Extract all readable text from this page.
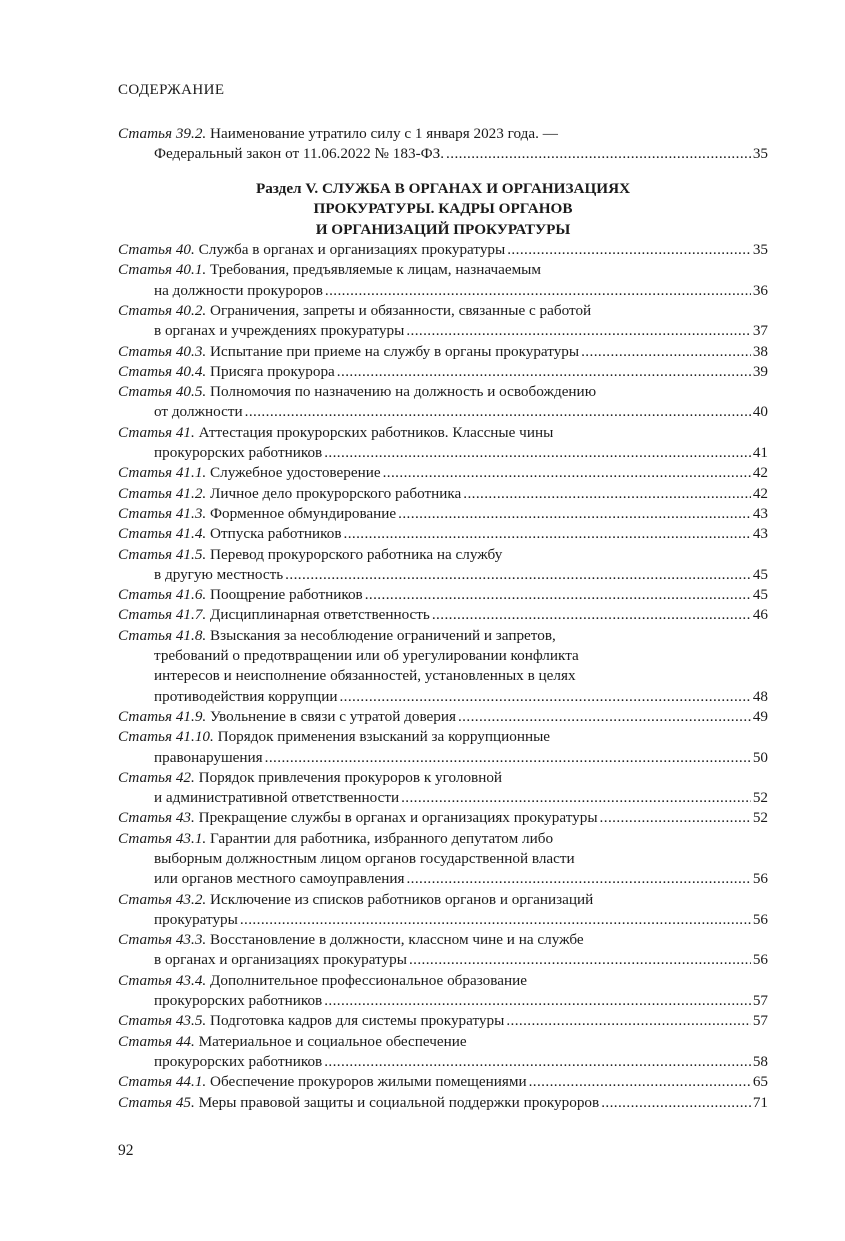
СОДЕРЖАНИЕ
Статья 39.2. Наименование утратило силу с 1 января 2023 года. —
Федеральный закон от 11.06.2022 № 183-ФЗ. .....	35
Раздел V. СЛУЖБА В ОРГАНАХ И ОРГАНИЗАЦИЯХ
ПРОКУРАТУРЫ. КАДРЫ ОРГАНОВ
И ОРГАНИЗАЦИЙ ПРОКУРАТУРЫ
Статья 40. Служба в органах и организациях прокуратуры .....	35
Статья 40.1. Требования, предъявляемые к лицам, назначаемым
на должности прокуроров .....	36
Статья 40.2. Ограничения, запреты и обязанности, связанные с работой
в органах и учреждениях прокуратуры .....	37
Статья 40.3. Испытание при приеме на службу в органы прокуратуры .....	38
Статья 40.4. Присяга прокурора .....	39
Статья 40.5. Полномочия по назначению на должность и освобождению
от должности .....	40
Статья 41. Аттестация прокурорских работников. Классные чины
прокурорских работников .....	41
Статья 41.1. Служебное удостоверение .....	42
Статья 41.2. Личное дело прокурорского работника .....	42
Статья 41.3. Форменное обмундирование .....	43
Статья 41.4. Отпуска работников .....	43
Статья 41.5. Перевод прокурорского работника на службу
в другую местность .....	45
Статья 41.6. Поощрение работников .....	45
Статья 41.7. Дисциплинарная ответственность .....	46
Статья 41.8. Взыскания за несоблюдение ограничений и запретов,
требований о предотвращении или об урегулировании конфликта
интересов и неисполнение обязанностей, установленных в целях
противодействия коррупции .....	48
Статья 41.9. Увольнение в связи с утратой доверия .....	49
Статья 41.10. Порядок применения взысканий за коррупционные
правонарушения .....	50
Статья 42. Порядок привлечения прокуроров к уголовной
и административной ответственности .....	52
Статья 43. Прекращение службы в органах и организациях прокуратуры .....	52
Статья 43.1. Гарантии для работника, избранного депутатом либо
выборным должностным лицом органов государственной власти
или органов местного самоуправления .....	56
Статья 43.2. Исключение из списков работников органов и организаций
прокуратуры .....	56
Статья 43.3. Восстановление в должности, классном чине и на службе
в органах и организациях прокуратуры .....	56
Статья 43.4. Дополнительное профессиональное образование
прокурорских работников .....	57
Статья 43.5. Подготовка кадров для системы прокуратуры .....	57
Статья 44. Материальное и социальное обеспечение
прокурорских работников .....	58
Статья 44.1. Обеспечение прокуроров жилыми помещениями .....	65
Статья 45. Меры правовой защиты и социальной поддержки прокуроров .....	71
92
